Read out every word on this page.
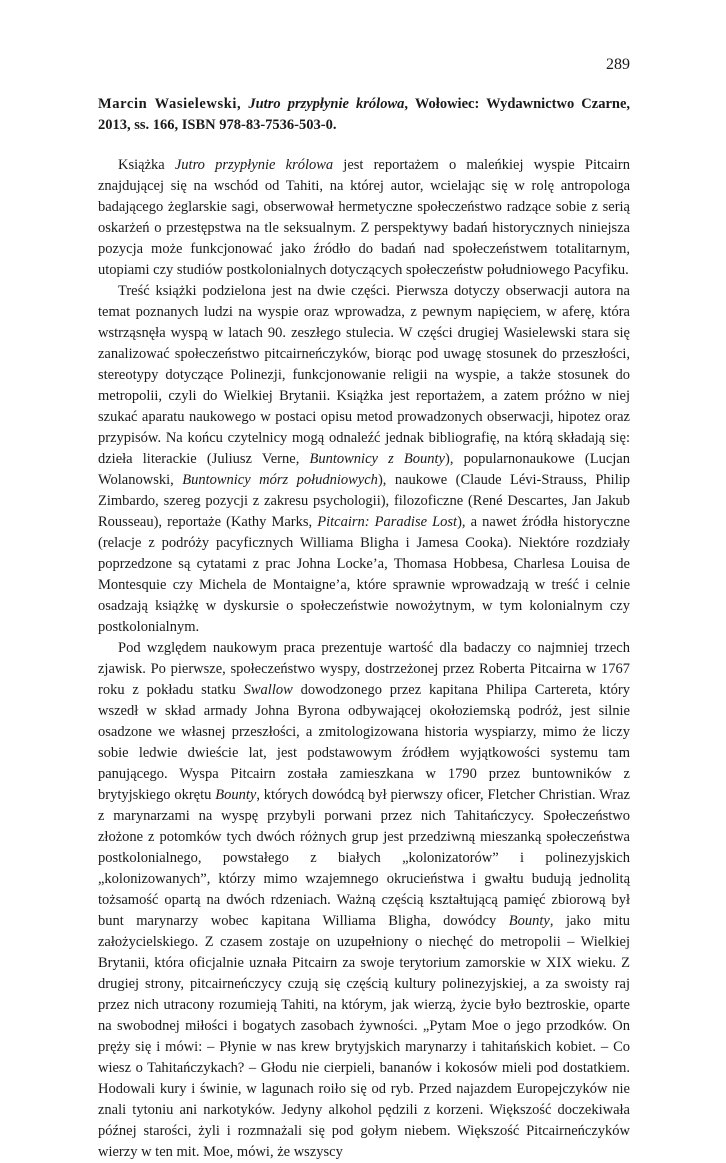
289

Marcin Wasielewski, Jutro przypłynie królowa, Wołowiec: Wydawnictwo Czarne, 2013, ss. 166, ISBN 978-83-7536-503-0.

Książka Jutro przypłynie królowa jest reportażem o maleńkiej wyspie Pitcairn znajdującej się na wschód od Tahiti, na której autor, wcielając się w rolę antropologa badającego żeglarskie sagi, obserwował hermetyczne społeczeństwo radzące sobie z serią oskarżeń o przestępstwa na tle seksualnym. Z perspektywy badań historycznych niniejsza pozycja może funkcjonować jako źródło do badań nad społeczeństwem totalitarnym, utopiami czy studiów postkolonialnych dotyczących społeczeństw południowego Pacyfiku.

Treść książki podzielona jest na dwie części. Pierwsza dotyczy obserwacji autora na temat poznanych ludzi na wyspie oraz wprowadza, z pewnym napięciem, w aferę, która wstrząsnęła wyspą w latach 90. zeszłego stulecia. W części drugiej Wasielewski stara się zanalizować społeczeństwo pitcairneńczyków, biorąc pod uwagę stosunek do przeszłości, stereotypy dotyczące Polinezji, funkcjonowanie religii na wyspie, a także stosunek do metropolii, czyli do Wielkiej Brytanii. Książka jest reportażem, a zatem próżno w niej szukać aparatu naukowego w postaci opisu metod prowadzonych obserwacji, hipotez oraz przypisów. Na końcu czytelnicy mogą odnaleźć jednak bibliografię, na którą składają się: dzieła literackie (Juliusz Verne, Buntownicy z Bounty), popularnonaukowe (Lucjan Wolanowski, Buntownicy mórz południowych), naukowe (Claude Lévi‑Strauss, Philip Zimbardo, szereg pozycji z zakresu psychologii), filozoficzne (René Descartes, Jan Jakub Rousseau), reportaże (Kathy Marks, Pitcairn: Paradise Lost), a nawet źródła historyczne (relacje z podróży pacyficznych Williama Bligha i Jamesa Cooka). Niektóre rozdziały poprzedzone są cytatami z prac Johna Locke’a, Thomasa Hobbesa, Charlesa Louisa de Montesquie czy Michela de Montaigne’a, które sprawnie wprowadzają w treść i celnie osadzają książkę w dyskursie o społeczeństwie nowożytnym, w tym kolonialnym czy postkolonialnym.

Pod względem naukowym praca prezentuje wartość dla badaczy co najmniej trzech zjawisk. Po pierwsze, społeczeństwo wyspy, dostrzeżonej przez Roberta Pitcairna w 1767 roku z pokładu statku Swallow dowodzonego przez kapitana Philipa Cartereta, który wszedł w skład armady Johna Byrona odbywającej okołoziemską podróż, jest silnie osadzone we własnej przeszłości, a zmitologizowana historia wyspiarzy, mimo że liczy sobie ledwie dwieście lat, jest podstawowym źródłem wyjątkowości systemu tam panującego. Wyspa Pitcairn została zamieszkana w 1790 przez buntowników z brytyjskiego okrętu Bounty, których dowódcą był pierwszy oficer, Fletcher Christian. Wraz z marynarzami na wyspę przybyli porwani przez nich Tahitańczycy. Społeczeństwo złożone z potomków tych dwóch różnych grup jest przedziwną mieszanką społeczeństwa postkolonialnego, powstałego z białych „kolonizatorów” i polinezyjskich „kolonizowanych”, którzy mimo wzajemnego okrucieństwa i gwałtu budują jednolitą tożsamość opartą na dwóch rdzeniach. Ważną częścią kształtującą pamięć zbiorową był bunt marynarzy wobec kapitana Williama Bligha, dowódcy Bounty, jako mitu założycielskiego. Z czasem zostaje on uzupełniony o niechęć do metropolii – Wielkiej Brytanii, która oficjalnie uznała Pitcairn za swoje terytorium zamorskie w XIX wieku. Z drugiej strony, pitcairneńczycy czują się częścią kultury polinezyjskiej, a za swoisty raj przez nich utracony rozumieją Tahiti, na którym, jak wierzą, życie było beztroskie, oparte na swobodnej miłości i bogatych zasobach żywności. „Pytam Moe o jego przodków. On pręży się i mówi: – Płynie w nas krew brytyjskich marynarzy i tahitańskich kobiet. – Co wiesz o Tahitańczykach? – Głodu nie cierpieli, bananów i kokosów mieli pod dostatkiem. Hodowali kury i świnie, w lagunach roiło się od ryb. Przed najazdem Europejczyków nie znali tytoniu ani narkotyków. Jedyny alkohol pędzili z korzeni. Większość doczekiwała późnej starości, żyli i rozmnażali się pod gołym niebem. Większość Pitcairneńczyków wierzy w ten mit. Moe, mówi, że wszyscy
